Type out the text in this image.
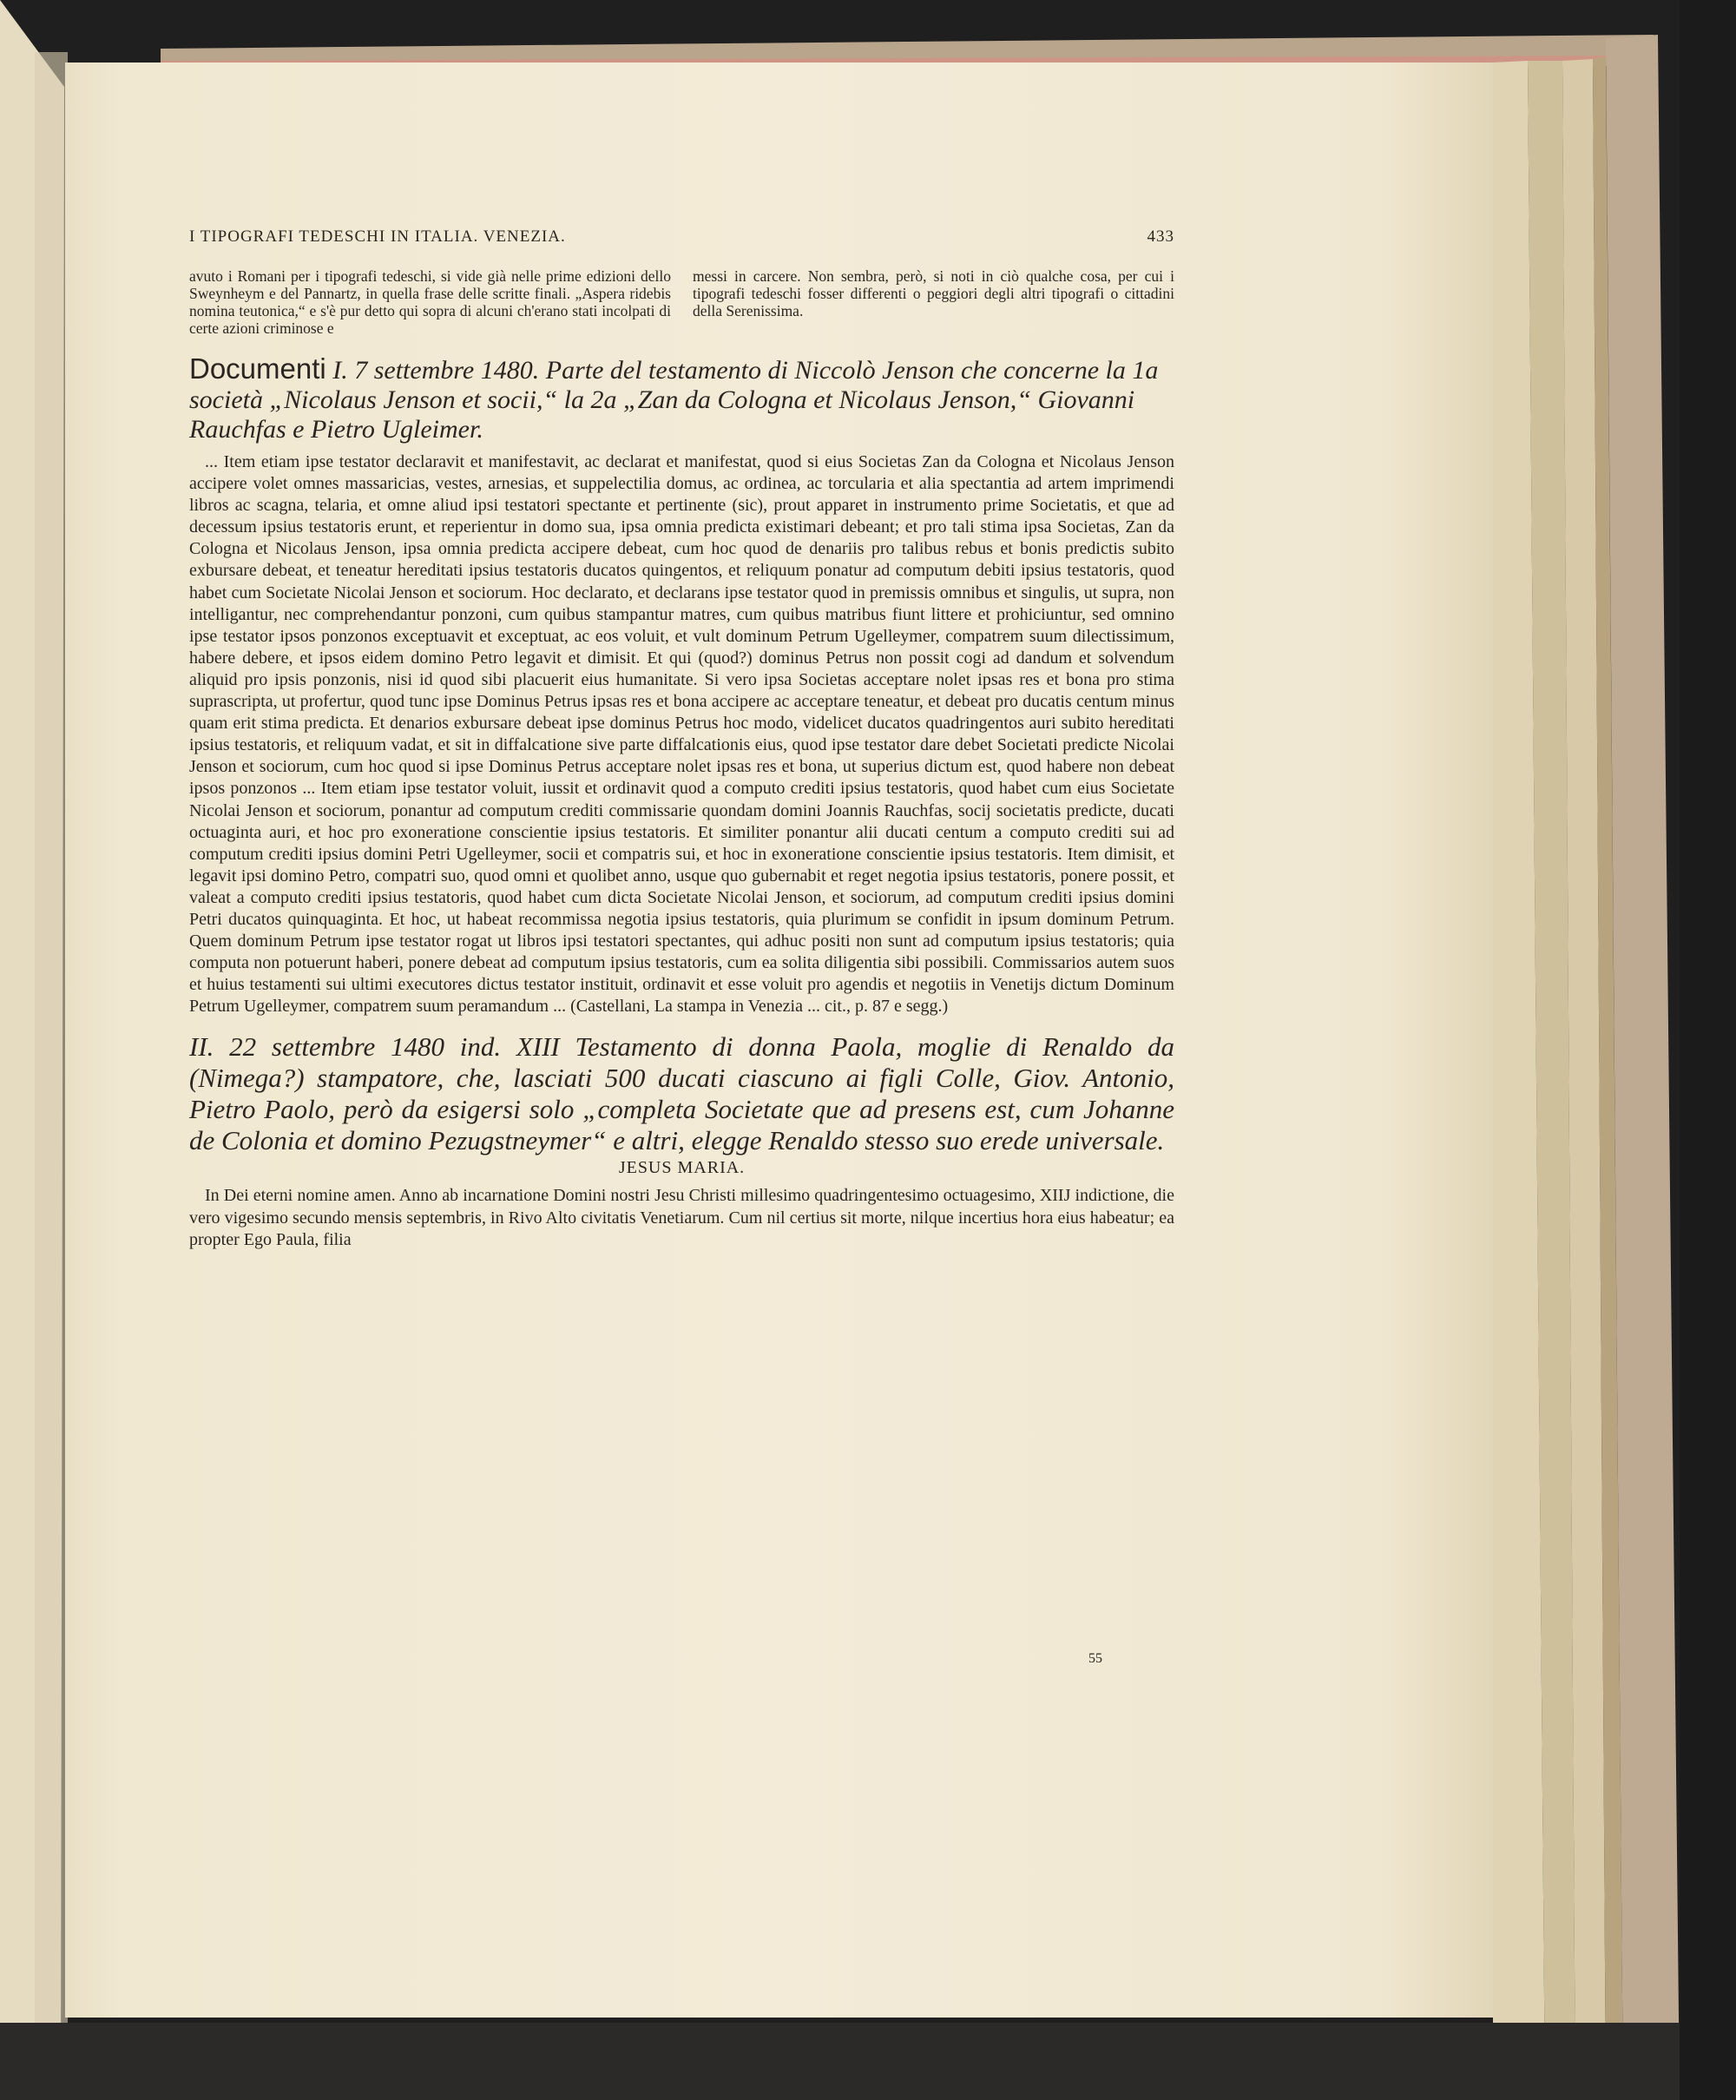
I TIPOGRAFI TEDESCHI IN ITALIA. VENEZIA.	433
avuto i Romani per i tipografi tedeschi, si vide già nelle prime edizioni dello Sweynheym e del Pannartz, in quella frase delle scritte finali. „Aspera ridebis nomina teutonica,“ e s'è pur detto qui sopra di alcuni ch'erano stati incolpati di certe azioni criminose e
messi in carcere. Non sembra, però, si noti in ciò qualche cosa, per cui i tipografi tedeschi fosser differenti o peggiori degli altri tipografi o cittadini della Serenissima.
Documenti I. 7 settembre 1480. Parte del testamento di Niccolò Jenson che concerne la 1a società „Nicolaus Jenson et socii,“ la 2a „Zan da Cologna et Nicolaus Jenson,“ Giovanni Rauchfas e Pietro Ugleimer.
... Item etiam ipse testator declaravit et manifestavit, ac declarat et manifestat, quod si eius Societas Zan da Cologna et Nicolaus Jenson accipere volet omnes massaricias, vestes, arnesias, et suppelectilia domus, ac ordinea, ac torcularia et alia spectantia ad artem imprimendi libros ac scagna, telaria, et omne aliud ipsi testatori spectante et pertinente (sic), prout apparet in instrumento prime Societatis, et que ad decessum ipsius testatoris erunt, et reperientur in domo sua, ipsa omnia predicta existimari debeant; et pro tali stima ipsa Societas, Zan da Cologna et Nicolaus Jenson, ipsa omnia predicta accipere debeat, cum hoc quod de denariis pro talibus rebus et bonis predictis subito exbursare debeat, et teneatur hereditati ipsius testatoris ducatos quingentos, et reliquum ponatur ad computum debiti ipsius testatoris, quod habet cum Societate Nicolai Jenson et sociorum. Hoc declarato, et declarans ipse testator quod in premissis omnibus et singulis, ut supra, non intelligantur, nec comprehendantur ponzoni, cum quibus stampantur matres, cum quibus matribus fiunt littere et prohiciuntur, sed omnino ipse testator ipsos ponzonos exceptuavit et exceptuat, ac eos voluit, et vult dominum Petrum Ugelleymer, compatrem suum dilectissimum, habere debere, et ipsos eidem domino Petro legavit et dimisit. Et qui (quod?) dominus Petrus non possit cogi ad dandum et solvendum aliquid pro ipsis ponzonis, nisi id quod sibi placuerit eius humanitate. Si vero ipsa Societas acceptare nolet ipsas res et bona pro stima suprascripta, ut profertur, quod tunc ipse Dominus Petrus ipsas res et bona accipere ac acceptare teneatur, et debeat pro ducatis centum minus quam erit stima predicta. Et denarios exbursare debeat ipse dominus Petrus hoc modo, videlicet ducatos quadringentos auri subito hereditati ipsius testatoris, et reliquum vadat, et sit in diffalcatione sive parte diffalcationis eius, quod ipse testator dare debet Societati predicte Nicolai Jenson et sociorum, cum hoc quod si ipse Dominus Petrus acceptare nolet ipsas res et bona, ut superius dictum est, quod habere non debeat ipsos ponzonos ... Item etiam ipse testator voluit, iussit et ordinavit quod a computo crediti ipsius testatoris, quod habet cum eius Societate Nicolai Jenson et sociorum, ponantur ad computum crediti commissarie quondam domini Joannis Rauchfas, socij societatis predicte, ducati octuaginta auri, et hoc pro exoneratione conscientie ipsius testatoris. Et similiter ponantur alii ducati centum a computo crediti sui ad computum crediti ipsius domini Petri Ugelleymer, socii et compatris sui, et hoc in exoneratione conscientie ipsius testatoris. Item dimisit, et legavit ipsi domino Petro, compatri suo, quod omni et quolibet anno, usque quo gubernabit et reget negotia ipsius testatoris, ponere possit, et valeat a computo crediti ipsius testatoris, quod habet cum dicta Societate Nicolai Jenson, et sociorum, ad computum crediti ipsius domini Petri ducatos quinquaginta. Et hoc, ut habeat recommissa negotia ipsius testatoris, quia plurimum se confidit in ipsum dominum Petrum. Quem dominum Petrum ipse testator rogat ut libros ipsi testatori spectantes, qui adhuc positi non sunt ad computum ipsius testatoris; quia computa non potuerunt haberi, ponere debeat ad computum ipsius testatoris, cum ea solita diligentia sibi possibili. Commissarios autem suos et huius testamenti sui ultimi executores dictus testator instituit, ordinavit et esse voluit pro agendis et negotiis in Venetijs dictum Dominum Petrum Ugelleymer, compatrem suum peramandum ... (Castellani, La stampa in Venezia ... cit., p. 87 e segg.)
II. 22 settembre 1480 ind. XIII Testamento di donna Paola, moglie di Renaldo da (Nimega?) stampatore, che, lasciati 500 ducati ciascuno ai figli Colle, Giov. Antonio, Pietro Paolo, però da esigersi solo „completa Societate que ad presens est, cum Johanne de Colonia et domino Pezugstneymer“ e altri, elegge Renaldo stesso suo erede universale.
JESUS MARIA.
In Dei eterni nomine amen. Anno ab incarnatione Domini nostri Jesu Christi millesimo quadringentesimo octuagesimo, XIIJ indictione, die vero vigesimo secundo mensis septembris, in Rivo Alto civitatis Venetiarum. Cum nil certius sit morte, nilque incertius hora eius habeatur; ea propter Ego Paula, filia
55
